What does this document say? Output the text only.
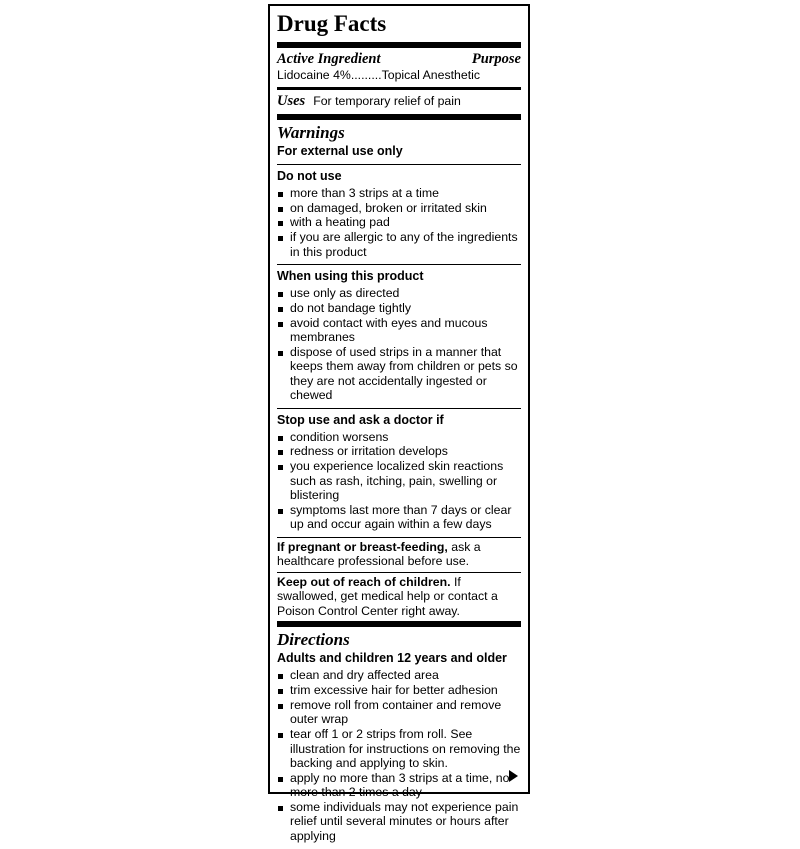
Drug Facts
Active Ingredient	Purpose
Lidocaine 4%.........Topical Anesthetic
Uses For temporary relief of pain
Warnings
For external use only
Do not use
more than 3 strips at a time
on damaged, broken or irritated skin
with a heating pad
if you are allergic to any of the ingredients in this product
When using this product
use only as directed
do not bandage tightly
avoid contact with eyes and mucous membranes
dispose of used strips in a manner that keeps them away from children or pets so they are not accidentally ingested or chewed
Stop use and ask a doctor if
condition worsens
redness or irritation develops
you experience localized skin reactions such as rash, itching, pain, swelling or blistering
symptoms last more than 7 days or clear up and occur again within a few days
If pregnant or breast-feeding, ask a healthcare professional before use.
Keep out of reach of children. If swallowed, get medical help or contact a Poison Control Center right away.
Directions
Adults and children 12 years and older
clean and dry affected area
trim excessive hair for better adhesion
remove roll from container and remove outer wrap
tear off 1 or 2 strips from roll. See illustration for instructions on removing the backing and applying to skin.
apply no more than 3 strips at a time, no more than 2 times a day
some individuals may not experience pain relief until several minutes or hours after applying
